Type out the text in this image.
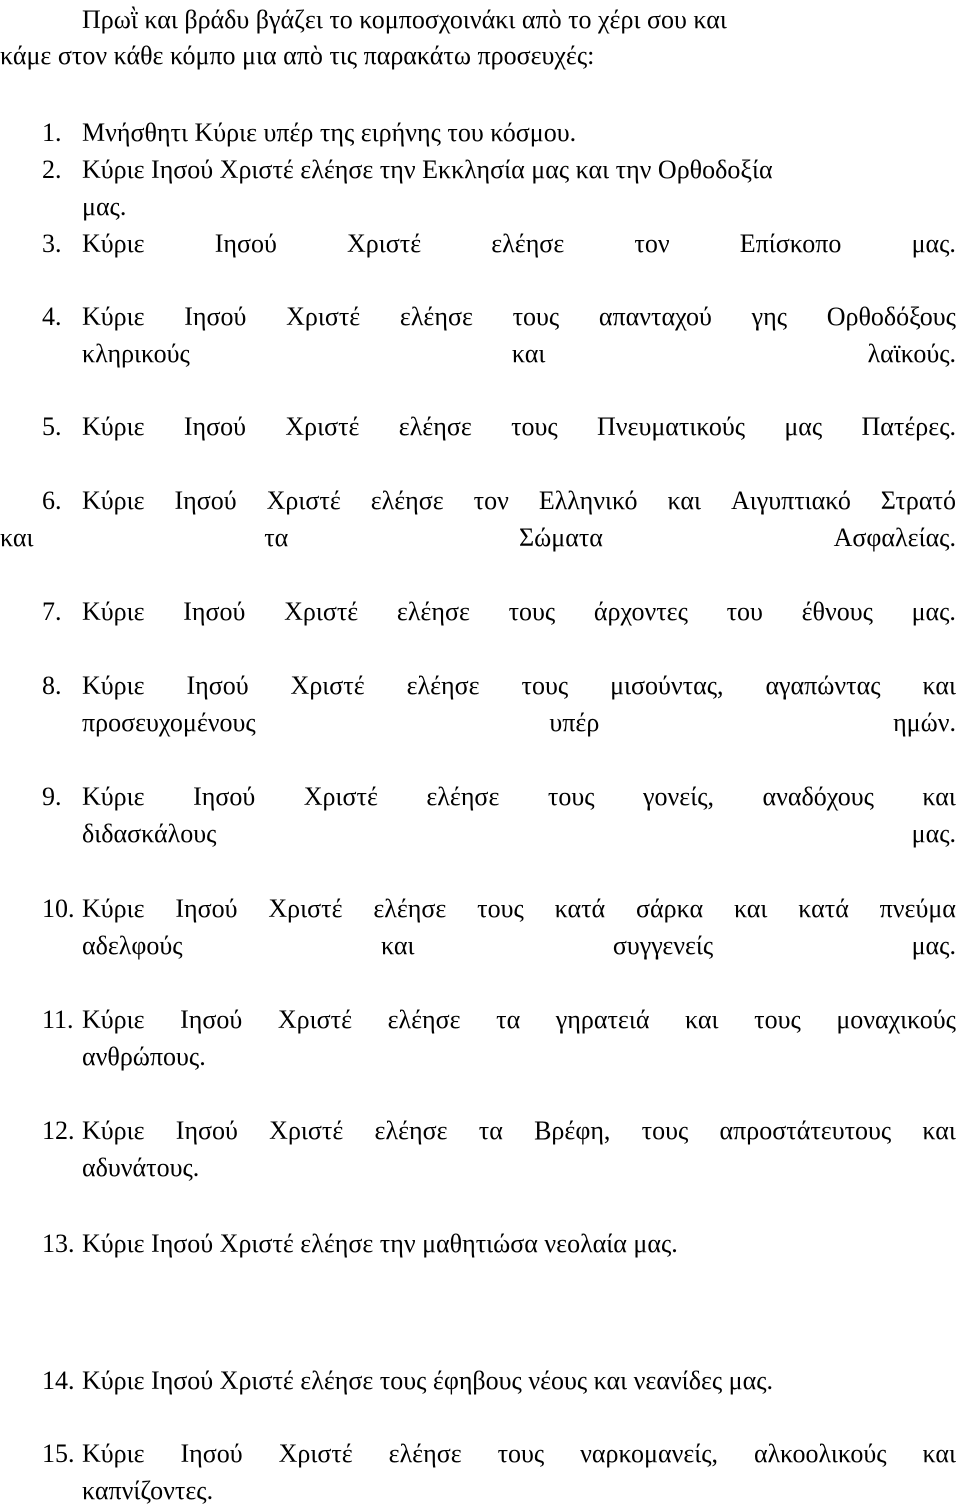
Πρωῒ και βράδυ βγάζει το κομποσχοινάκι απὸ το χέρι σου και
κάμε στον κάθε κόμπο μια απὸ τις παρακάτω προσευχές:
1. Μνήσθητι Κύριε υπέρ της ειρήνης του κόσμου.
2. Κύριε Ιησού Χριστέ ελέησε την Εκκλησία μας και την Ορθοδοξία
μας.
3. Κύριε	Ιησού	Χριστέ	ελέησε	τον	Επίσκοπο	μας.
4. Κύριε Ιησού Χριστέ ελέησε τους απανταχού γης Ορθοδόξους
κληρικούς	και	λαϊκούς.
5. Κύριε Ιησού Χριστέ ελέησε τους Πνευματικούς μας Πατέρες.
6. Κύριε Ιησού Χριστέ ελέησε τον Ελληνικό και Αιγυπτιακό Στρατό
και	τα	Σώματα	Ασφαλείας.
7. Κύριε Ιησού Χριστέ ελέησε τους άρχοντες του έθνους μας.
8. Κύριε Ιησού Χριστέ ελέησε τους μισούντας, αγαπώντας και
προσευχομένους	υπέρ	ημών.
9. Κύριε Ιησού Χριστέ ελέησε τους γονείς, αναδόχους και
διδασκάλους	μας.
10. Κύριε Ιησού Χριστέ ελέησε τους κατά σάρκα και κατά πνεύμα
αδελφούς	και	συγγενείς	μας.
11. Κύριε Ιησού Χριστέ ελέησε τα γηρατειά και τους μοναχικούς
ανθρώπους.
12. Κύριε Ιησού Χριστέ ελέησε τα Βρέφη, τους απροστάτευτους και
αδυνάτους.
13. Κύριε Ιησού Χριστέ ελέησε την μαθητιώσα νεολαία μας.
14. Κύριε Ιησού Χριστέ ελέησε τους έφηβους νέους και νεανίδες μας.
15. Κύριε Ιησού Χριστέ ελέησε τους ναρκομανείς, αλκοολικούς και
καπνίζοντες.
